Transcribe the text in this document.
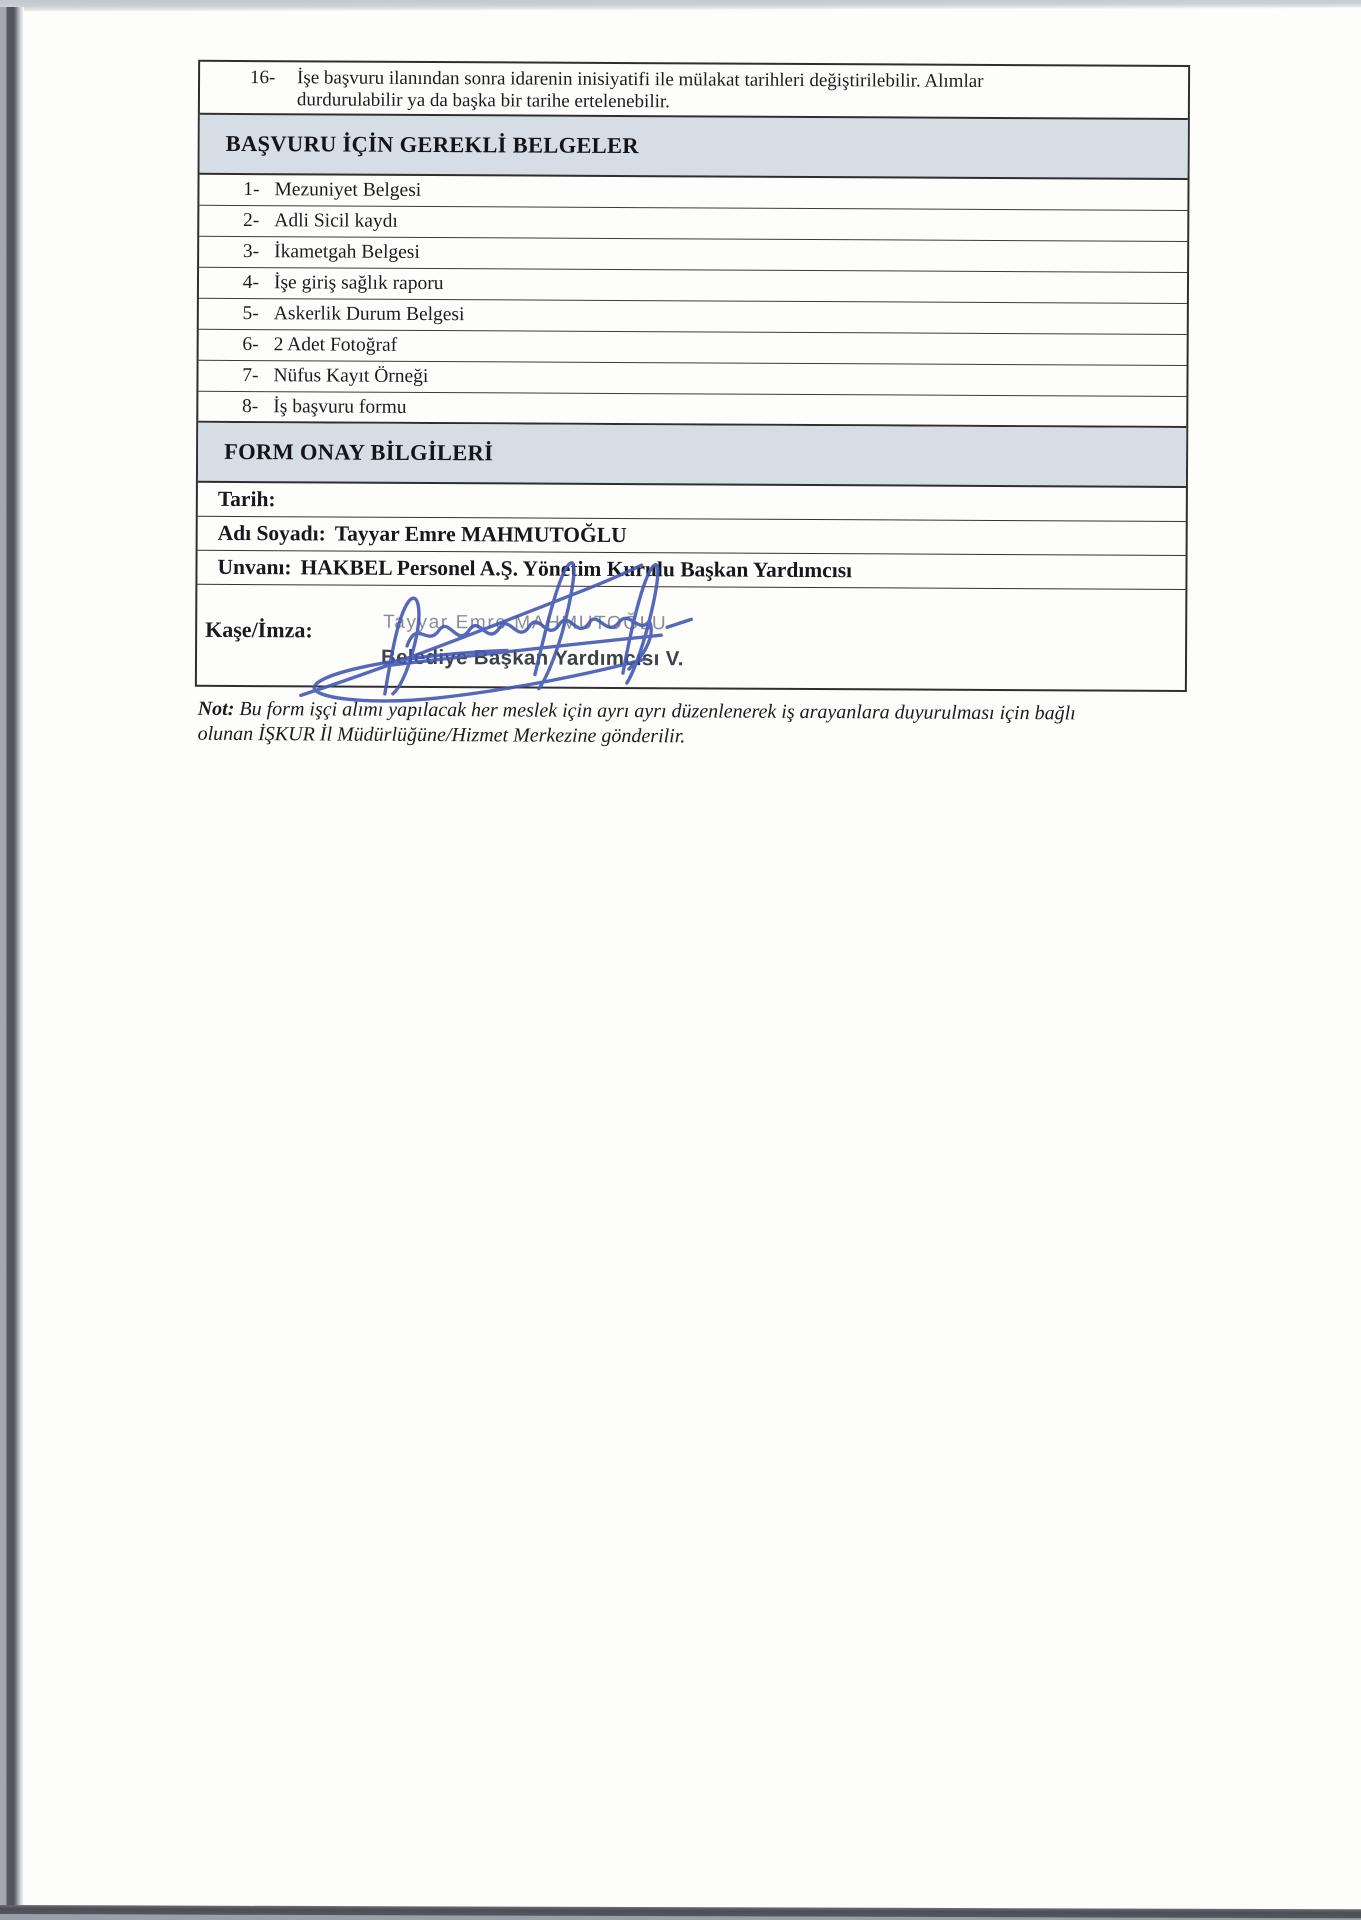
16- İşe başvuru ilanından sonra idarenin inisiyatifi ile mülakat tarihleri değiştirilebilir. Alımlar
durdurulabilir ya da başka bir tarihe ertelenebilir.
BAŞVURU İÇİN GEREKLİ BELGELER
1- Mezuniyet Belgesi
2- Adli Sicil kaydı
3- İkametgah Belgesi
4- İşe giriş sağlık raporu
5- Askerlik Durum Belgesi
6- 2 Adet Fotoğraf
7- Nüfus Kayıt Örneği
8- İş başvuru formu
FORM ONAY BİLGİLERİ
Tarih:
Adı Soyadı: Tayyar Emre MAHMUTOĞLU
Unvanı: HAKBEL Personel A.Ş. Yönetim Kurulu Başkan Yardımcısı
Kaşe/İmza:	Tayyar Emre MAHMUTOĞLU
Belediye Başkan Yardımcısı V.
Not: Bu form işçi alımı yapılacak her meslek için ayrı ayrı düzenlenerek iş arayanlara duyurulması için bağlı
olunan İŞKUR İl Müdürlüğüne/Hizmet Merkezine gönderilir.
